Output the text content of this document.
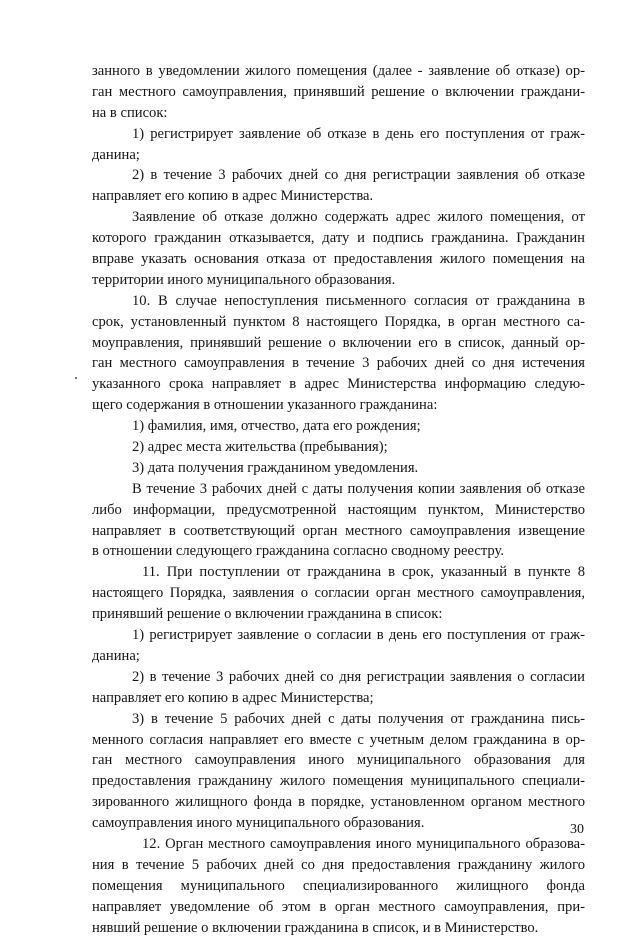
занного в уведомлении жилого помещения (далее - заявление об отказе) ор-
ган местного самоуправления, принявший решение о включении граждани-
на в список:
1) регистрирует заявление об отказе в день его поступления от граж-
данина;
2) в течение 3 рабочих дней со дня регистрации заявления об отказе
направляет его копию в адрес Министерства.
Заявление об отказе должно содержать адрес жилого помещения, от
которого гражданин отказывается, дату и подпись гражданина. Гражданин
вправе указать основания отказа от предоставления жилого помещения на
территории иного муниципального образования.
10. В случае непоступления письменного согласия от гражданина в
срок, установленный пунктом 8 настоящего Порядка, в орган местного са-
моуправления, принявший решение о включении его в список, данный ор-
ган местного самоуправления в течение 3 рабочих дней со дня истечения
указанного срока направляет в адрес Министерства информацию следую-
щего содержания в отношении указанного гражданина:
1) фамилия, имя, отчество, дата его рождения;
2) адрес места жительства (пребывания);
3) дата получения гражданином уведомления.
В течение 3 рабочих дней с даты получения копии заявления об отказе
либо информации, предусмотренной настоящим пунктом, Министерство
направляет в соответствующий орган местного самоуправления извещение
в отношении следующего гражданина согласно сводному реестру.
11. При поступлении от гражданина в срок, указанный в пункте 8
настоящего Порядка, заявления о согласии орган местного самоуправления,
принявший решение о включении гражданина в список:
1) регистрирует заявление о согласии в день его поступления от граж-
данина;
2) в течение 3 рабочих дней со дня регистрации заявления о согласии
направляет его копию в адрес Министерства;
3) в течение 5 рабочих дней с даты получения от гражданина пись-
менного согласия направляет его вместе с учетным делом гражданина в ор-
ган местного самоуправления иного муниципального образования для
предоставления гражданину жилого помещения муниципального специали-
зированного жилищного фонда в порядке, установленном органом местного
самоуправления иного муниципального образования.
12. Орган местного самоуправления иного муниципального образова-
ния в течение 5 рабочих дней со дня предоставления гражданину жилого
помещения муниципального специализированного жилищного фонда
направляет уведомление об этом в орган местного самоуправления, при-
нявший решение о включении гражданина в список, и в Министерство.
30
